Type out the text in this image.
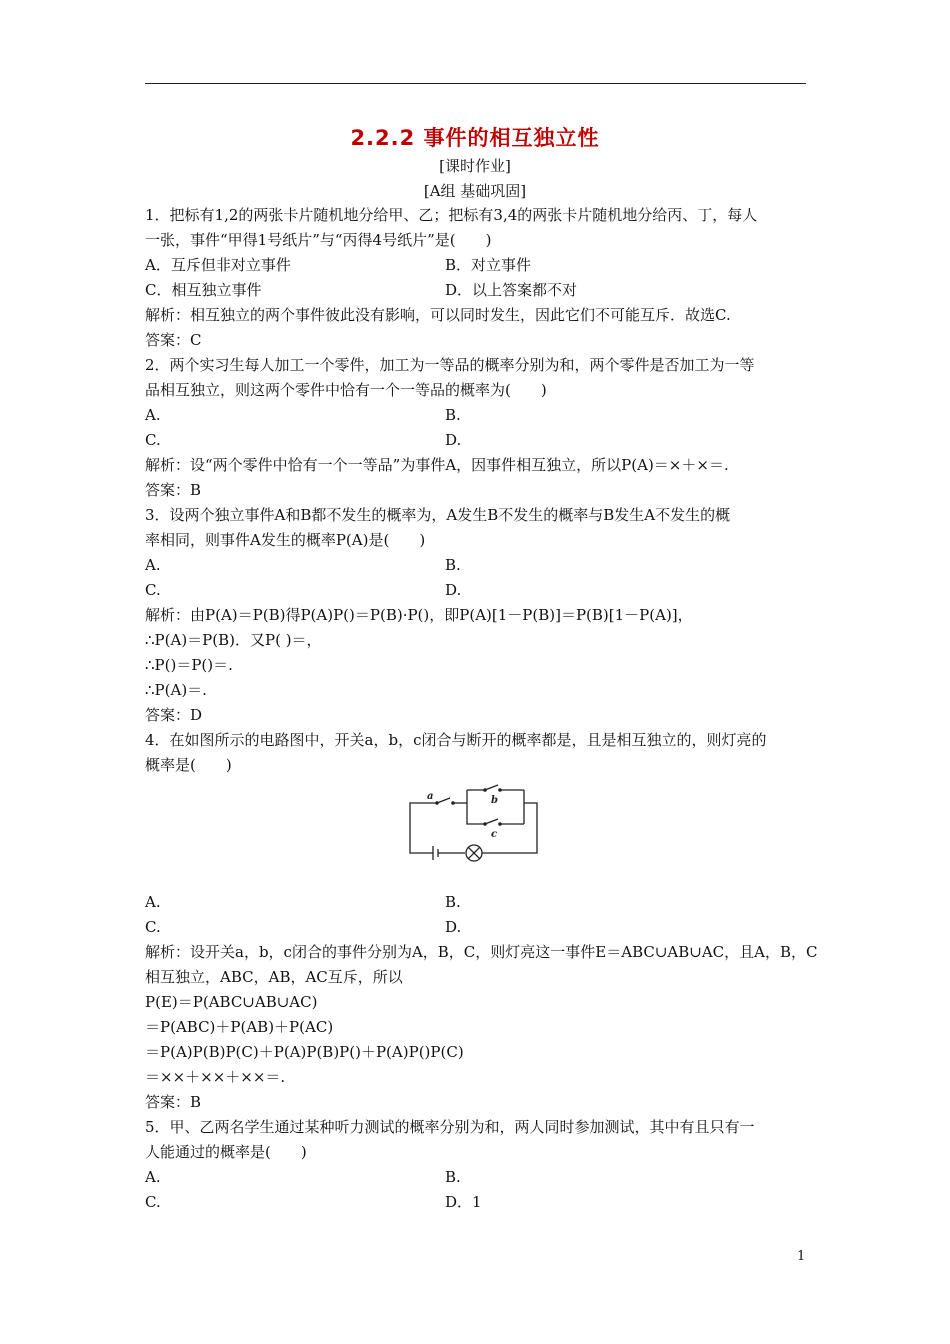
2.2.2 事件的相互独立性
[课时作业]
[A组 基础巩固]
1．把标有1,2的两张卡片随机地分给甲、乙；把标有3,4的两张卡片随机地分给丙、丁，每人
一张，事件“甲得1号纸片”与“丙得4号纸片”是(　　)
A．互斥但非对立事件	B．对立事件
C．相互独立事件	D．以上答案都不对
解析：相互独立的两个事件彼此没有影响，可以同时发生，因此它们不可能互斥．故选C.
答案：C
2．两个实习生每人加工一个零件，加工为一等品的概率分别为和，两个零件是否加工为一等
品相互独立，则这两个零件中恰有一个一等品的概率为(　　)
A.	B.
C.	D.
解析：设“两个零件中恰有一个一等品”为事件A，因事件相互独立，所以P(A)＝×＋×＝.
答案：B
3．设两个独立事件A和B都不发生的概率为，A发生B不发生的概率与B发生A不发生的概
率相同，则事件A发生的概率P(A)是(　　)
A.	B.
C.	D.
解析：由P(A)＝P(B)得P(A)P()＝P(B)·P()，即P(A)[1－P(B)]＝P(B)[1－P(A)]，
∴P(A)＝P(B)．又P( )＝，
∴P()＝P()＝.
∴P(A)＝.
答案：D
4．在如图所示的电路图中，开关a，b，c闭合与断开的概率都是，且是相互独立的，则灯亮的
概率是(　　)
a	b
c
A.	B.
C.	D.
解析：设开关a，b，c闭合的事件分别为A，B，C，则灯亮这一事件E＝ABC∪AB∪AC，且A，B，C
相互独立，ABC，AB，AC互斥，所以
P(E)＝P(ABC∪AB∪AC)
＝P(ABC)＋P(AB)＋P(AC)
＝P(A)P(B)P(C)＋P(A)P(B)P()＋P(A)P()P(C)
＝××＋××＋××＝.
答案：B
5．甲、乙两名学生通过某种听力测试的概率分别为和，两人同时参加测试，其中有且只有一
人能通过的概率是(　　)
A.	B.
C.	D．1
1
